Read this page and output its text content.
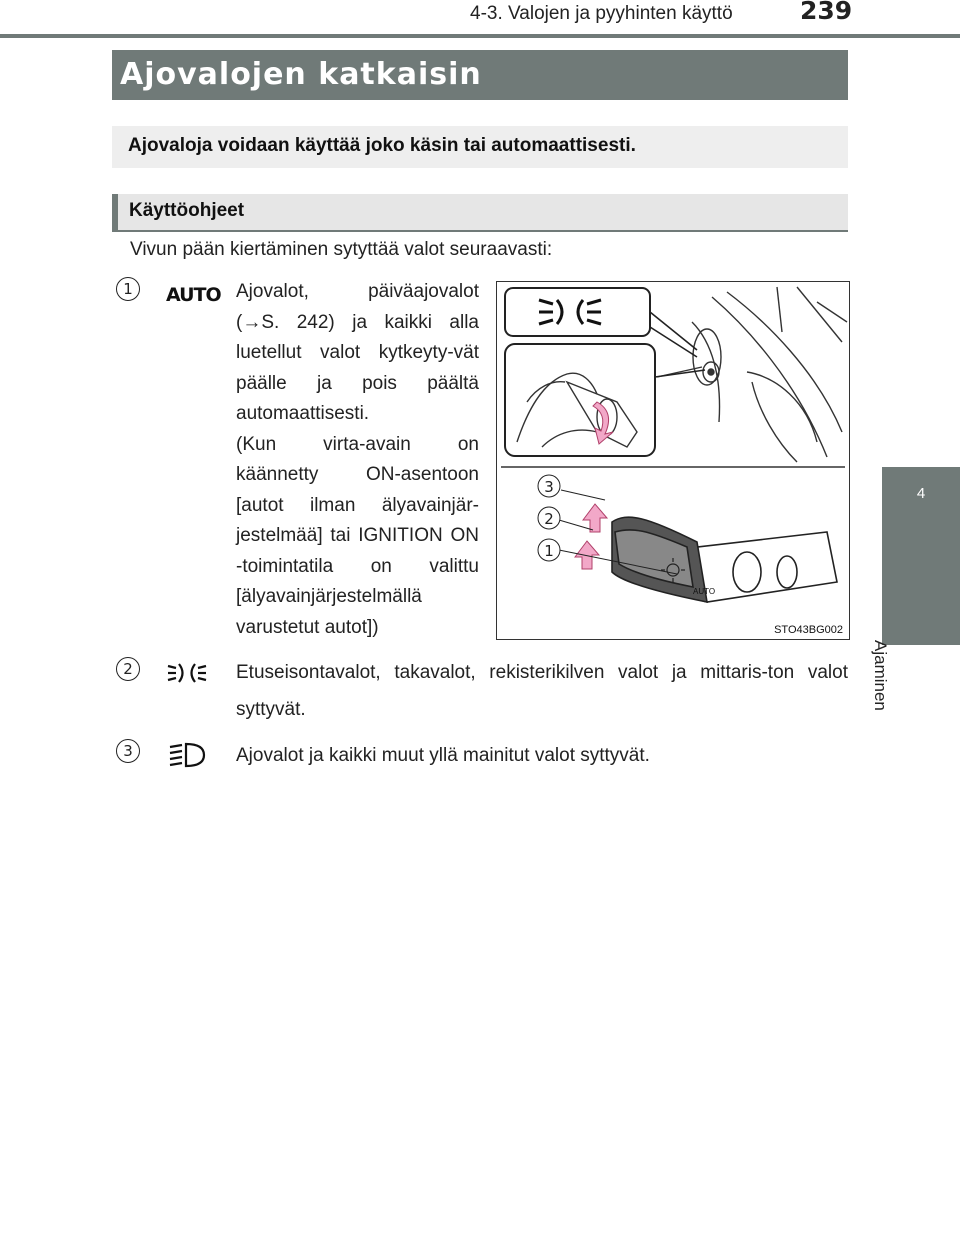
4-3. Valojen ja pyyhinten käyttö	239
4
Ajaminen
Ajovalojen katkaisin
Ajovaloja voidaan käyttää joko käsin tai automaattisesti.
Käyttöohjeet
Vivun pään kiertäminen sytyttää valot seuraavasti:
1	AUTO Ajovalot, päiväajovalot (→S. 242) ja kaikki alla luetellut valot kytkeyty-vät päälle ja pois päältä automaattisesti.
(Kun virta-avain on käännetty ON-asentoon [autot ilman älyavainjär-jestelmää] tai IGNITION ON -toimintatila on valittu [älyavainjärjestelmällä varustetut autot])
AUTO
3
2
1
STO43BG002
2	Etuseisontavalot, takavalot, rekisterikilven valot ja mittaris-ton valot syttyvät.
3	Ajovalot ja kaikki muut yllä mainitut valot syttyvät.
